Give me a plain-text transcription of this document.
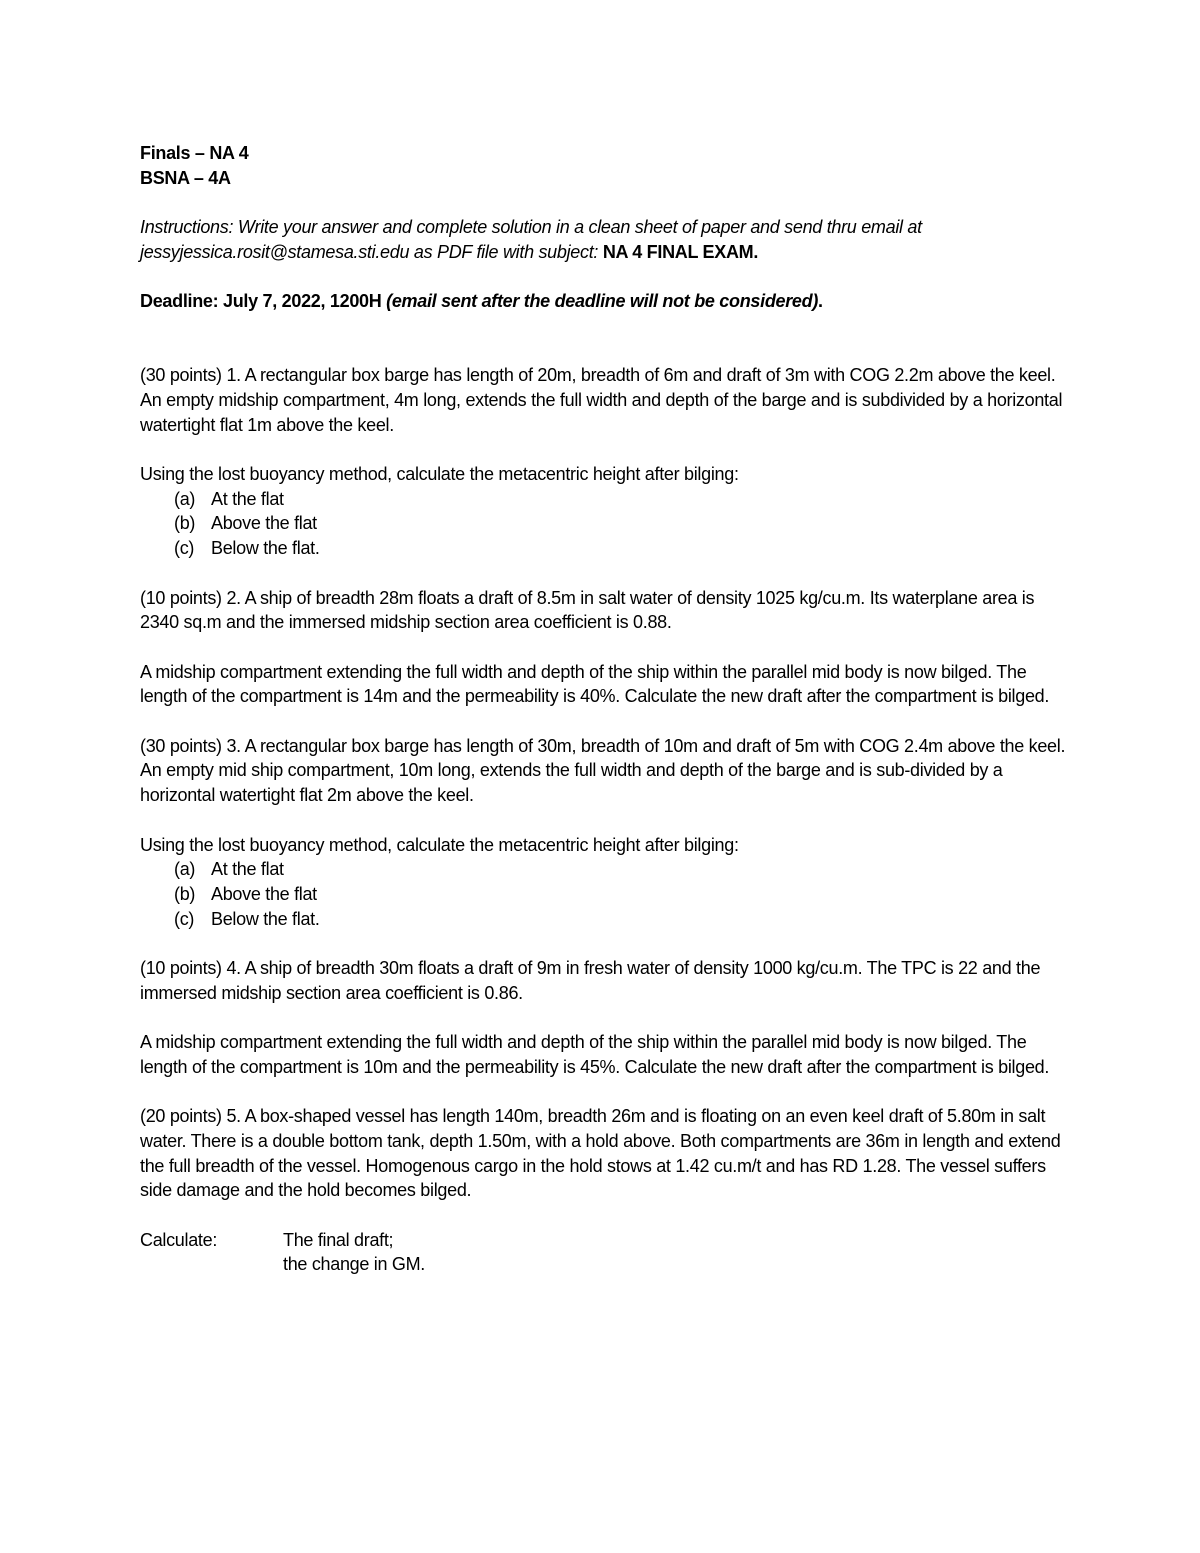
Finals – NA 4

BSNA – 4A

Instructions: Write your answer and complete solution in a clean sheet of paper and send thru email at jessyjessica.rosit@stamesa.sti.edu as PDF file with subject: NA 4 FINAL EXAM.

Deadline: July 7, 2022, 1200H (email sent after the deadline will not be considered).

(30 points) 1. A rectangular box barge has length of 20m, breadth of 6m and draft of 3m with COG 2.2m above the keel. An empty midship compartment, 4m long, extends the full width and depth of the barge and is subdivided by a horizontal watertight flat 1m above the keel.

Using the lost buoyancy method, calculate the metacentric height after bilging:

(a) At the flat
(b) Above the flat
(c) Below the flat.

(10 points) 2. A ship of breadth 28m floats a draft of 8.5m in salt water of density 1025 kg/cu.m. Its waterplane area is 2340 sq.m and the immersed midship section area coefficient is 0.88.

A midship compartment extending the full width and depth of the ship within the parallel mid body is now bilged. The length of the compartment is 14m and the permeability is 40%. Calculate the new draft after the compartment is bilged.

(30 points) 3. A rectangular box barge has length of 30m, breadth of 10m and draft of 5m with COG 2.4m above the keel. An empty mid ship compartment, 10m long, extends the full width and depth of the barge and is sub-divided by a horizontal watertight flat 2m above the keel.

Using the lost buoyancy method, calculate the metacentric height after bilging:

(a) At the flat
(b) Above the flat
(c) Below the flat.

(10 points) 4. A ship of breadth 30m floats a draft of 9m in fresh water of density 1000 kg/cu.m. The TPC is 22 and the immersed midship section area coefficient is 0.86.

A midship compartment extending the full width and depth of the ship within the parallel mid body is now bilged. The length of the compartment is 10m and the permeability is 45%. Calculate the new draft after the compartment is bilged.

(20 points) 5. A box-shaped vessel has length 140m, breadth 26m and is floating on an even keel draft of 5.80m in salt water. There is a double bottom tank, depth 1.50m, with a hold above. Both compartments are 36m in length and extend the full breadth of the vessel. Homogenous cargo in the hold stows at 1.42 cu.m/t and has RD 1.28. The vessel suffers side damage and the hold becomes bilged.

Calculate:	The final draft;
the change in GM.
